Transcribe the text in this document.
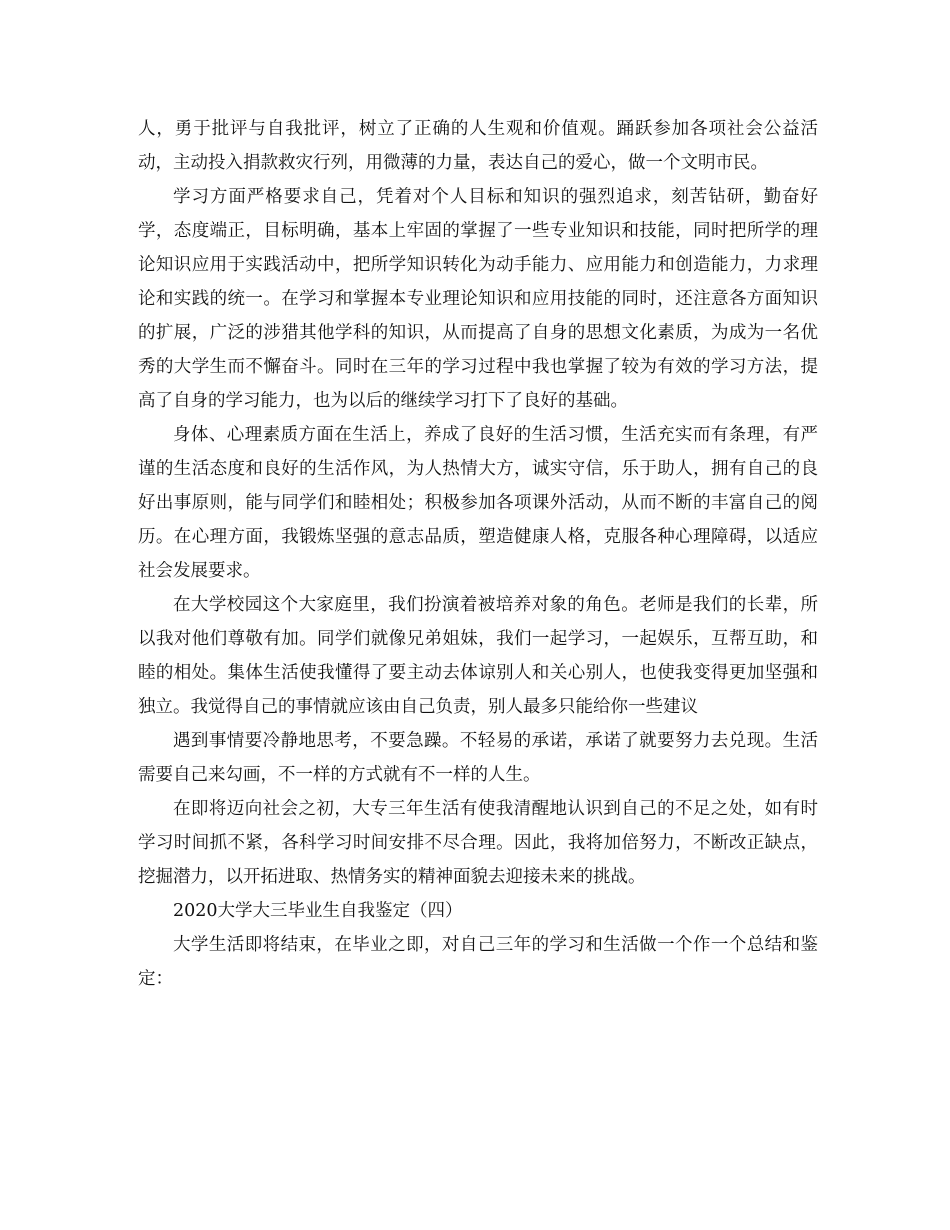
人，勇于批评与自我批评，树立了正确的人生观和价值观。踊跃参加各项社会公益活动，主动投入捐款救灾行列，用微薄的力量，表达自己的爱心，做一个文明市民。

学习方面严格要求自己，凭着对个人目标和知识的强烈追求，刻苦钻研，勤奋好学，态度端正，目标明确，基本上牢固的掌握了一些专业知识和技能，同时把所学的理论知识应用于实践活动中，把所学知识转化为动手能力、应用能力和创造能力，力求理论和实践的统一。在学习和掌握本专业理论知识和应用技能的同时，还注意各方面知识的扩展，广泛的涉猎其他学科的知识，从而提高了自身的思想文化素质，为成为一名优秀的大学生而不懈奋斗。同时在三年的学习过程中我也掌握了较为有效的学习方法，提高了自身的学习能力，也为以后的继续学习打下了良好的基础。

身体、心理素质方面在生活上，养成了良好的生活习惯，生活充实而有条理，有严谨的生活态度和良好的生活作风，为人热情大方，诚实守信，乐于助人，拥有自己的良好出事原则，能与同学们和睦相处；积极参加各项课外活动，从而不断的丰富自己的阅历。在心理方面，我锻炼坚强的意志品质，塑造健康人格，克服各种心理障碍，以适应社会发展要求。

在大学校园这个大家庭里，我们扮演着被培养对象的角色。老师是我们的长辈，所以我对他们尊敬有加。同学们就像兄弟姐妹，我们一起学习，一起娱乐，互帮互助，和睦的相处。集体生活使我懂得了要主动去体谅别人和关心别人，也使我变得更加坚强和独立。我觉得自己的事情就应该由自己负责，别人最多只能给你一些建议

遇到事情要冷静地思考，不要急躁。不轻易的承诺，承诺了就要努力去兑现。生活需要自己来勾画，不一样的方式就有不一样的人生。

在即将迈向社会之初，大专三年生活有使我清醒地认识到自己的不足之处，如有时学习时间抓不紧，各科学习时间安排不尽合理。因此，我将加倍努力，不断改正缺点，挖掘潜力，以开拓进取、热情务实的精神面貌去迎接未来的挑战。

2020大学大三毕业生自我鉴定（四）

大学生活即将结束，在毕业之即，对自己三年的学习和生活做一个作一个总结和鉴定：
